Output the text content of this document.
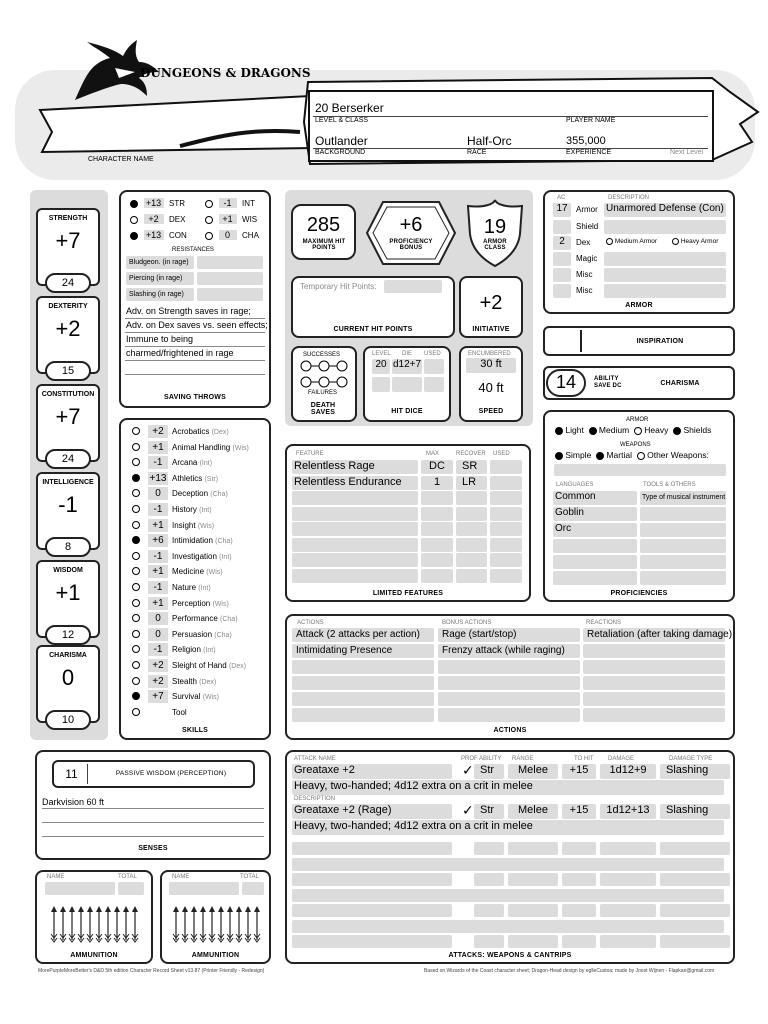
DUNGEONS & DRAGONS
CHARACTER NAME
20 Berserker
LEVEL & CLASS	PLAYER NAME
Outlander	Half-Orc	355,000
BACKGROUND	RACE	EXPERIENCE	Next Level
STRENGTH
+7
24
DEXTERITY
+2
15
CONSTITUTION
+7
24
INTELLIGENCE
-1
8
WISDOM
+1
12
CHARISMA
0
10
+13 STR	-1 INT
+2 DEX	+1 WIS
+13 CON	0 CHA
RESISTANCES
Bludgeon. (in rage)
Piercing (in rage)
Slashing (in rage)
Adv. on Strength saves in rage;
Adv. on Dex saves vs. seen effects;
Immune to being
charmed/frightened in rage
SAVING THROWS
+2	Acrobatics (Dex)
+1	Animal Handling (Wis)
-1	Arcana (Int)
+13 Athletics (Str)
0	Deception (Cha)
-1	History (Int)
+1	Insight (Wis)
+6	Intimidation (Cha)
-1	Investigation (Int)
+1	Medicine (Wis)
-1	Nature (Int)
+1	Perception (Wis)
0	Performance (Cha)
0	Persuasion (Cha)
-1	Religion (Int)
+2	Sleight of Hand (Dex)
+2	Stealth (Dex)
+7	Survival (Wis)
Tool
SKILLS
285
MAXIMUM HIT POINTS
+6
PROFICIENCY BONUS
19
ARMOR CLASS
Temporary Hit Points:
CURRENT HIT POINTS
+2
INITIATIVE
SUCCESSES
FAILURES
DEATH SAVES
LEVEL DIE USED
20 d12+7
HIT DICE
ENCUMBERED
30 ft
40 ft
SPEED
AC	DESCRIPTION
17	Armor Unarmored Defense (Con)
Shield
2	Dex	Medium Armor	Heavy Armor
Magic
Misc
Misc
ARMOR
INSPIRATION
14	ABILITY SAVE DC	CHARISMA
ARMOR
Light Medium Heavy Shields
WEAPONS
Simple Martial Other Weapons:
LANGUAGES	TOOLS & OTHERS
Common	Type of musical instrument
Goblin
Orc
PROFICIENCIES
FEATURE	MAX	RECOVER USED
Relentless Rage	DC	SR
Relentless Endurance	1	LR
LIMITED FEATURES
ACTIONS	BONUS ACTIONS	REACTIONS
Attack (2 attacks per action)	Rage (start/stop)	Retaliation (after taking damage)
Intimidating Presence	Frenzy attack (while raging)
ACTIONS
11	PASSIVE WISDOM (PERCEPTION)
Darkvision 60 ft
SENSES
ATTACK NAME	PROF ABILITY RANGE	TO HIT DAMAGE	DAMAGE TYPE
Greataxe +2	✓ Str	Melee	+15	1d12+9	Slashing
Heavy, two-handed; 4d12 extra on a crit in melee
DESCRIPTION
Greataxe +2 (Rage)	✓ Str	Melee	+15	1d12+13	Slashing
Heavy, two-handed; 4d12 extra on a crit in melee
ATTACKS: WEAPONS & CANTRIPS
NAME	TOTAL
AMMUNITION
NAME	TOTAL
AMMUNITION
MorePurpleMoreBetter's D&D 5th edition Character Record Sheet v13.87 (Printer Friendly - Redesign)	Based on Wizards of the Coast character sheet; Dragon-Head design by eglleCustoa; made by Joost Wijnen - Flapkan@gmail.com
